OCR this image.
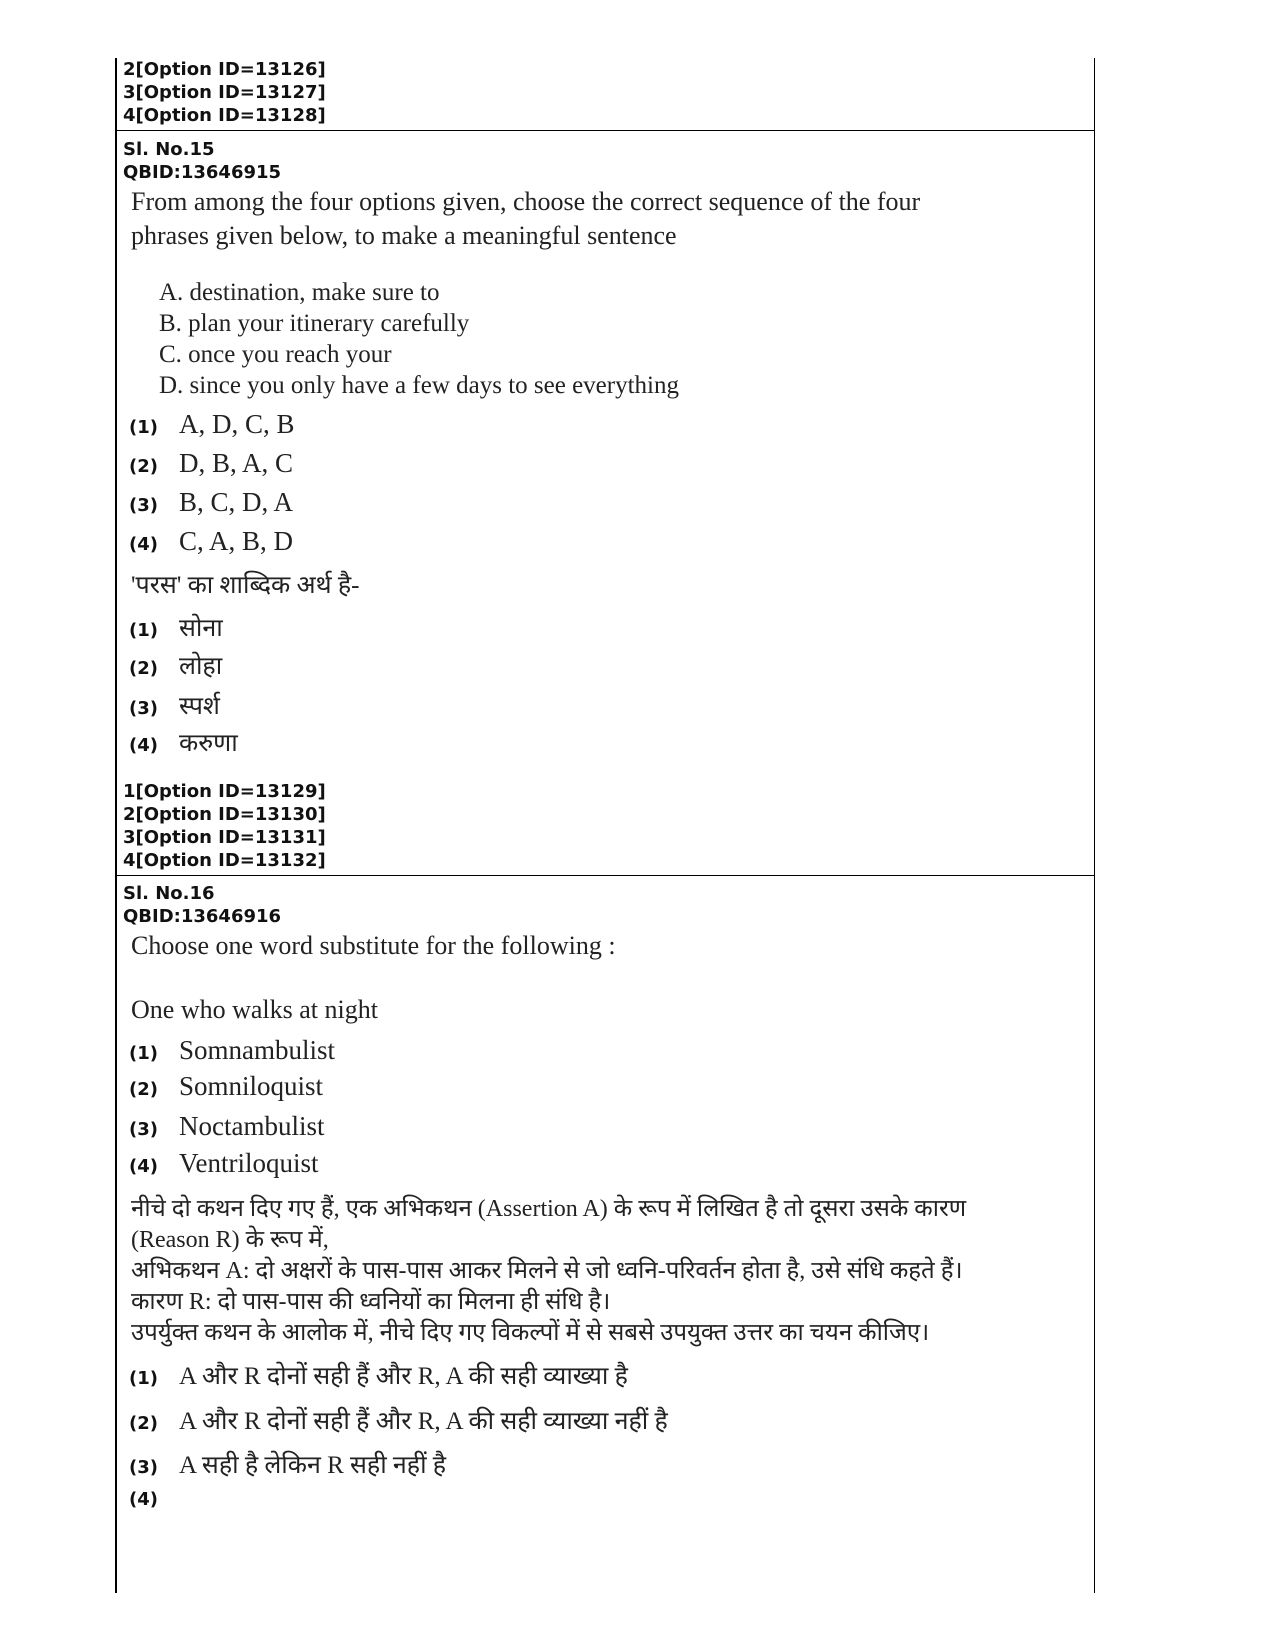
2[Option ID=13126]
3[Option ID=13127]
4[Option ID=13128]
Sl. No.15
QBID:13646915
From among the four options given, choose the correct sequence of the four
phrases given below, to make a meaningful sentence
A. destination, make sure to
B. plan your itinerary carefully
C. once you reach your
D. since you only have a few days to see everything
(1) A, D, C, B
(2) D, B, A, C
(3) B, C, D, A
(4) C, A, B, D
'परस' का शाब्दिक अर्थ है-
(1) सोना
(2) लोहा
(3) स्पर्श
(4) करुणा
1[Option ID=13129]
2[Option ID=13130]
3[Option ID=13131]
4[Option ID=13132]
Sl. No.16
QBID:13646916
Choose one word substitute for the following :
One who walks at night
(1) Somnambulist
(2) Somniloquist
(3) Noctambulist
(4) Ventriloquist
नीचे दो कथन दिए गए हैं, एक अभिकथन (Assertion A) के रूप में लिखित है तो दूसरा उसके कारण
(Reason R) के रूप में,
अभिकथन A: दो अक्षरों के पास-पास आकर मिलने से जो ध्वनि-परिवर्तन होता है, उसे संधि कहते हैं।
कारण R: दो पास-पास की ध्वनियों का मिलना ही संधि है।
उपर्युक्त कथन के आलोक में, नीचे दिए गए विकल्पों में से सबसे उपयुक्त उत्तर का चयन कीजिए।
(1) A और R दोनों सही हैं और R, A की सही व्याख्या है
(2) A और R दोनों सही हैं और R, A की सही व्याख्या नहीं है
(3) A सही है लेकिन R सही नहीं है
(4)
